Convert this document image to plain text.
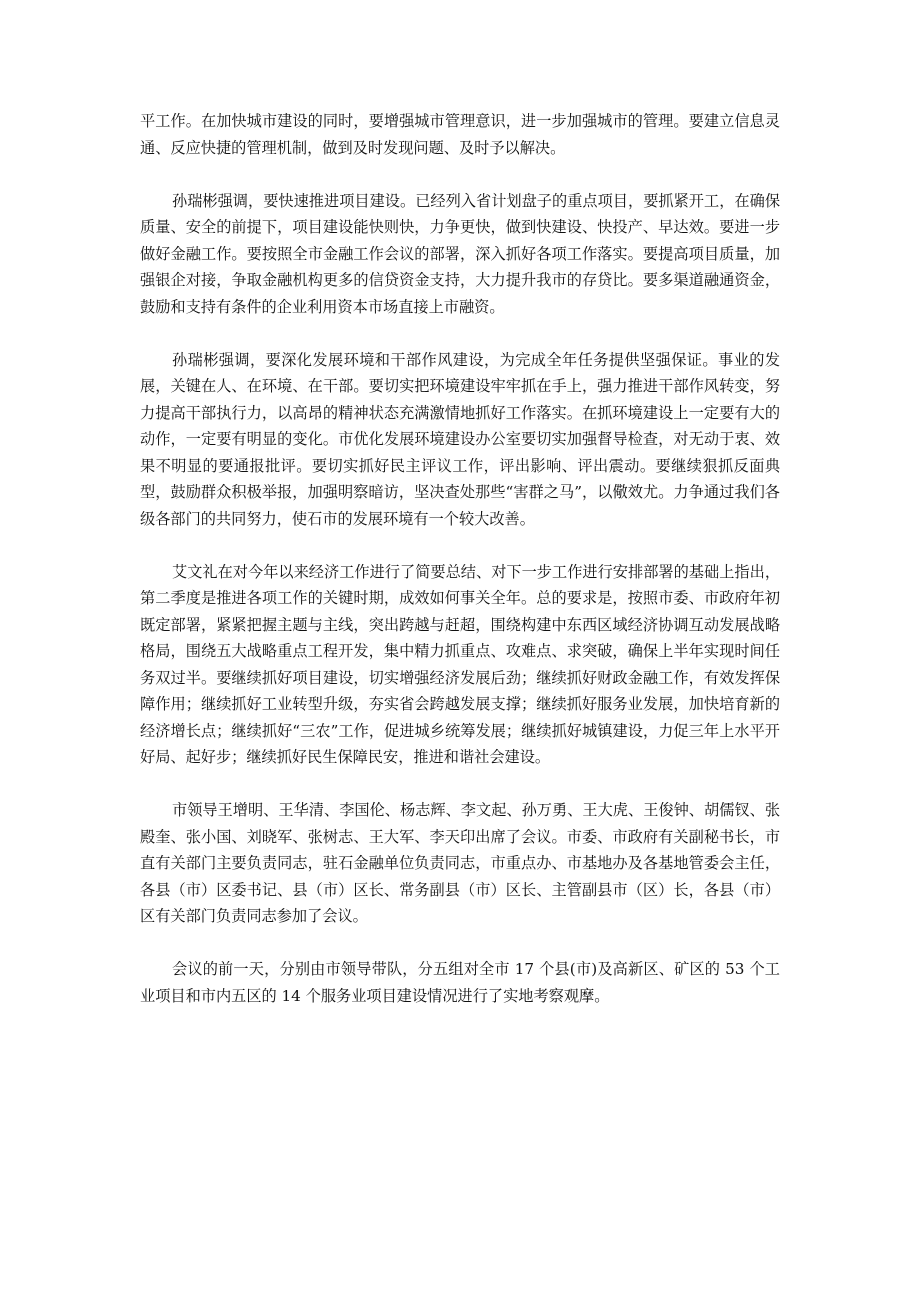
平工作。在加快城市建设的同时，要增强城市管理意识，进一步加强城市的管理。要建立信息灵通、反应快捷的管理机制，做到及时发现问题、及时予以解决。

孙瑞彬强调，要快速推进项目建设。已经列入省计划盘子的重点项目，要抓紧开工，在确保质量、安全的前提下，项目建设能快则快，力争更快，做到快建设、快投产、早达效。要进一步做好金融工作。要按照全市金融工作会议的部署，深入抓好各项工作落实。要提高项目质量，加强银企对接，争取金融机构更多的信贷资金支持，大力提升我市的存贷比。要多渠道融通资金，鼓励和支持有条件的企业利用资本市场直接上市融资。

孙瑞彬强调，要深化发展环境和干部作风建设，为完成全年任务提供坚强保证。事业的发展，关键在人、在环境、在干部。要切实把环境建设牢牢抓在手上，强力推进干部作风转变，努力提高干部执行力，以高昂的精神状态充满激情地抓好工作落实。在抓环境建设上一定要有大的动作，一定要有明显的变化。市优化发展环境建设办公室要切实加强督导检查，对无动于衷、效果不明显的要通报批评。要切实抓好民主评议工作，评出影响、评出震动。要继续狠抓反面典型，鼓励群众积极举报，加强明察暗访，坚决查处那些“害群之马”，以儆效尤。力争通过我们各级各部门的共同努力，使石市的发展环境有一个较大改善。

艾文礼在对今年以来经济工作进行了简要总结、对下一步工作进行安排部署的基础上指出，第二季度是推进各项工作的关键时期，成效如何事关全年。总的要求是，按照市委、市政府年初既定部署，紧紧把握主题与主线，突出跨越与赶超，围绕构建中东西区域经济协调互动发展战略格局，围绕五大战略重点工程开发，集中精力抓重点、攻难点、求突破，确保上半年实现时间任务双过半。要继续抓好项目建设，切实增强经济发展后劲；继续抓好财政金融工作，有效发挥保障作用；继续抓好工业转型升级，夯实省会跨越发展支撑；继续抓好服务业发展，加快培育新的经济增长点；继续抓好“三农”工作，促进城乡统筹发展；继续抓好城镇建设，力促三年上水平开好局、起好步；继续抓好民生保障民安，推进和谐社会建设。

市领导王增明、王华清、李国伦、杨志辉、李文起、孙万勇、王大虎、王俊钟、胡儒钗、张殿奎、张小国、刘晓军、张树志、王大军、李天印出席了会议。市委、市政府有关副秘书长，市直有关部门主要负责同志，驻石金融单位负责同志，市重点办、市基地办及各基地管委会主任，各县（市）区委书记、县（市）区长、常务副县（市）区长、主管副县市（区）长，各县（市）区有关部门负责同志参加了会议。

会议的前一天，分别由市领导带队，分五组对全市 17 个县(市)及高新区、矿区的 53 个工业项目和市内五区的 14 个服务业项目建设情况进行了实地考察观摩。
